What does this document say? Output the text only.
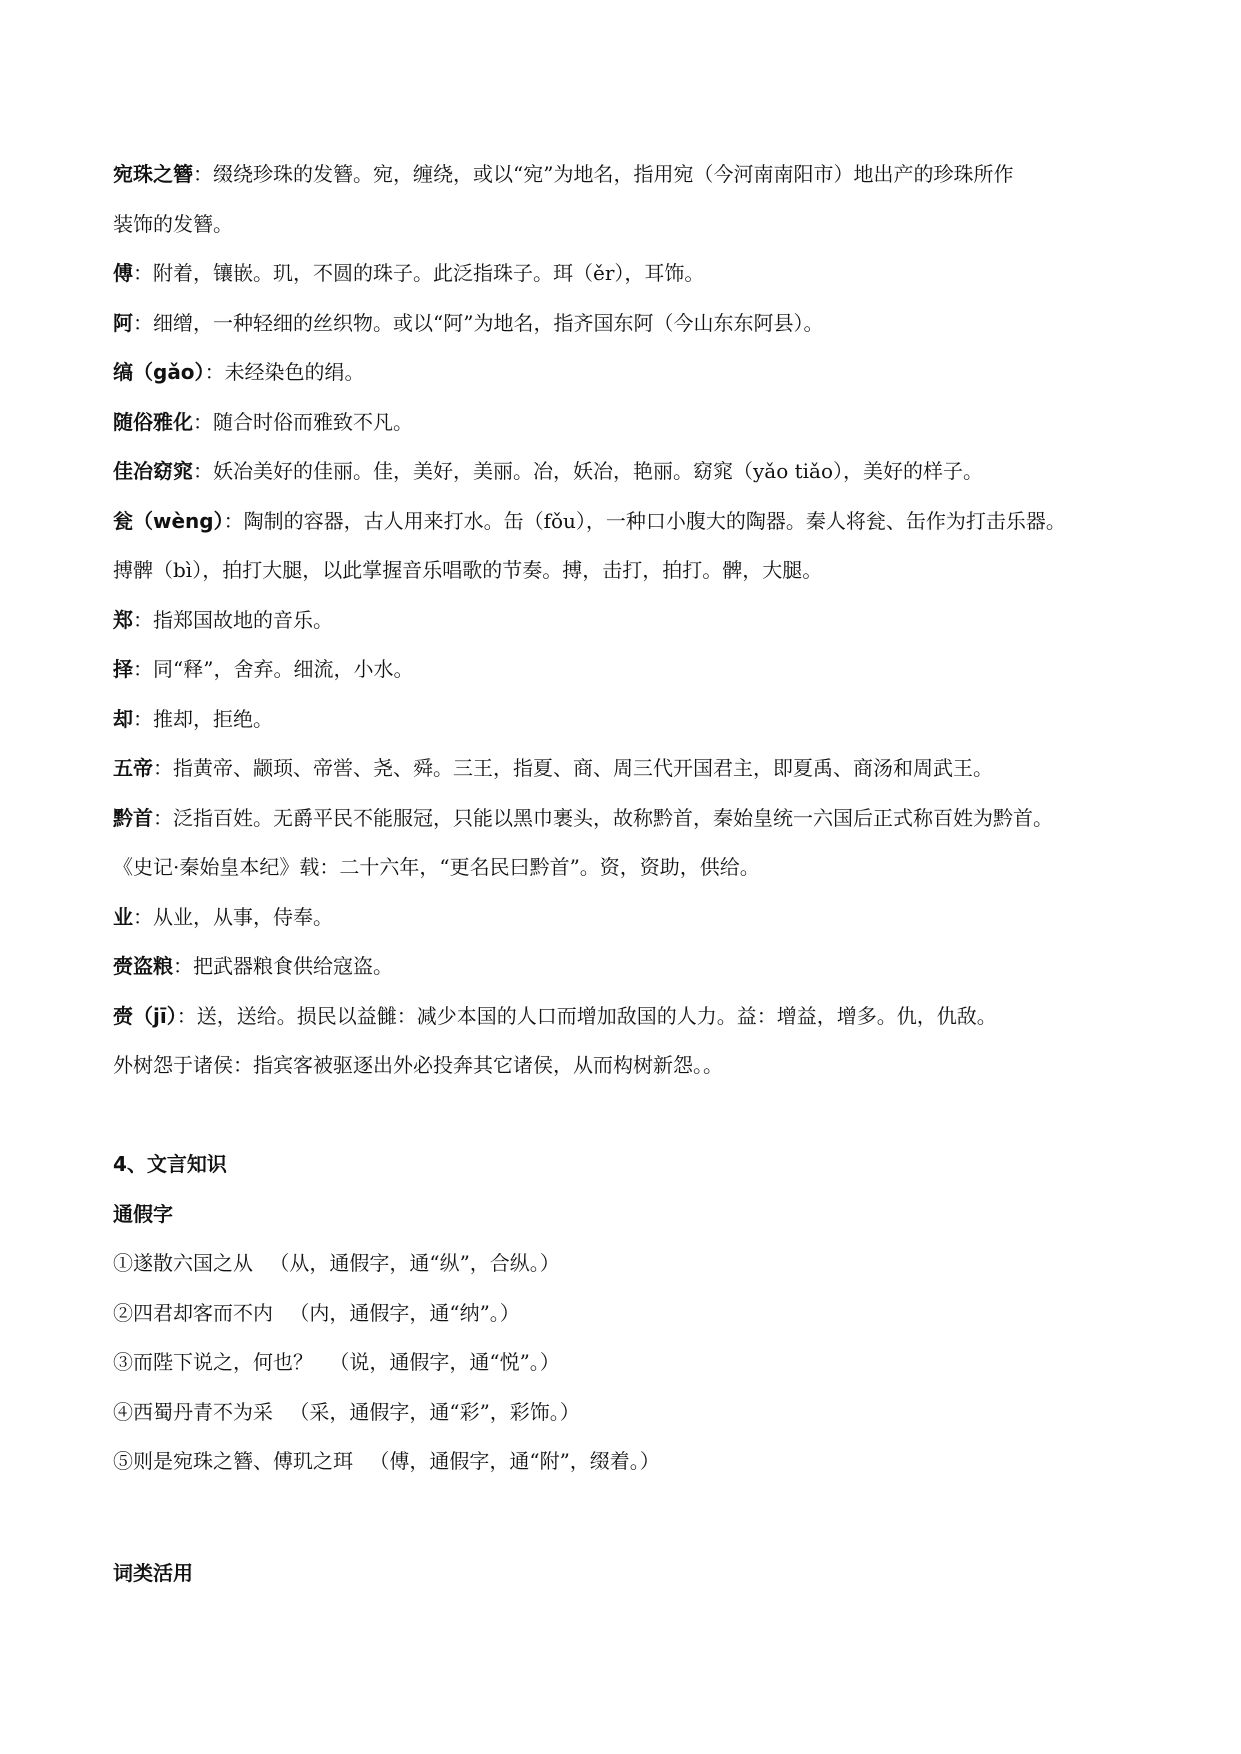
宛珠之簪：缀绕珍珠的发簪。宛，缠绕，或以“宛”为地名，指用宛（今河南南阳市）地出产的珍珠所作

装饰的发簪。

傅：附着，镶嵌。玑，不圆的珠子。此泛指珠子。珥（ěr），耳饰。

阿：细缯，一种轻细的丝织物。或以“阿”为地名，指齐国东阿（今山东东阿县）。

缟（gǎo）：未经染色的绢。

随俗雅化：随合时俗而雅致不凡。

佳冶窈窕：妖冶美好的佳丽。佳，美好，美丽。冶，妖冶，艳丽。窈窕（yǎo tiǎo），美好的样子。

瓮（wèng）：陶制的容器，古人用来打水。缶（fǒu），一种口小腹大的陶器。秦人将瓮、缶作为打击乐器。

搏髀（bì），拍打大腿，以此掌握音乐唱歌的节奏。搏，击打，拍打。髀，大腿。

郑：指郑国故地的音乐。

择：同“释”，舍弃。细流，小水。

却：推却，拒绝。

五帝：指黄帝、颛顼、帝喾、尧、舜。三王，指夏、商、周三代开国君主，即夏禹、商汤和周武王。

黔首：泛指百姓。无爵平民不能服冠，只能以黑巾裹头，故称黔首，秦始皇统一六国后正式称百姓为黔首。

《史记·秦始皇本纪》载：二十六年，“更名民曰黔首”。资，资助，供给。

业：从业，从事，侍奉。

赍盗粮：把武器粮食供给寇盗。

赍（jī）：送，送给。损民以益雠：减少本国的人口而增加敌国的人力。益：增益，增多。仇，仇敌。

外树怨于诸侯：指宾客被驱逐出外必投奔其它诸侯，从而构树新怨。。

4、文言知识
通假字

①遂散六国之从 　（从，通假字，通“纵”，合纵。）

②四君却客而不内 　（内，通假字，通“纳”。）

③而陛下说之，何也？ 　（说，通假字，通“悦”。）

④西蜀丹青不为采 　（采，通假字，通“彩”，彩饰。）

⑤则是宛珠之簪、傅玑之珥 　（傅，通假字，通“附”，缀着。）

词类活用
